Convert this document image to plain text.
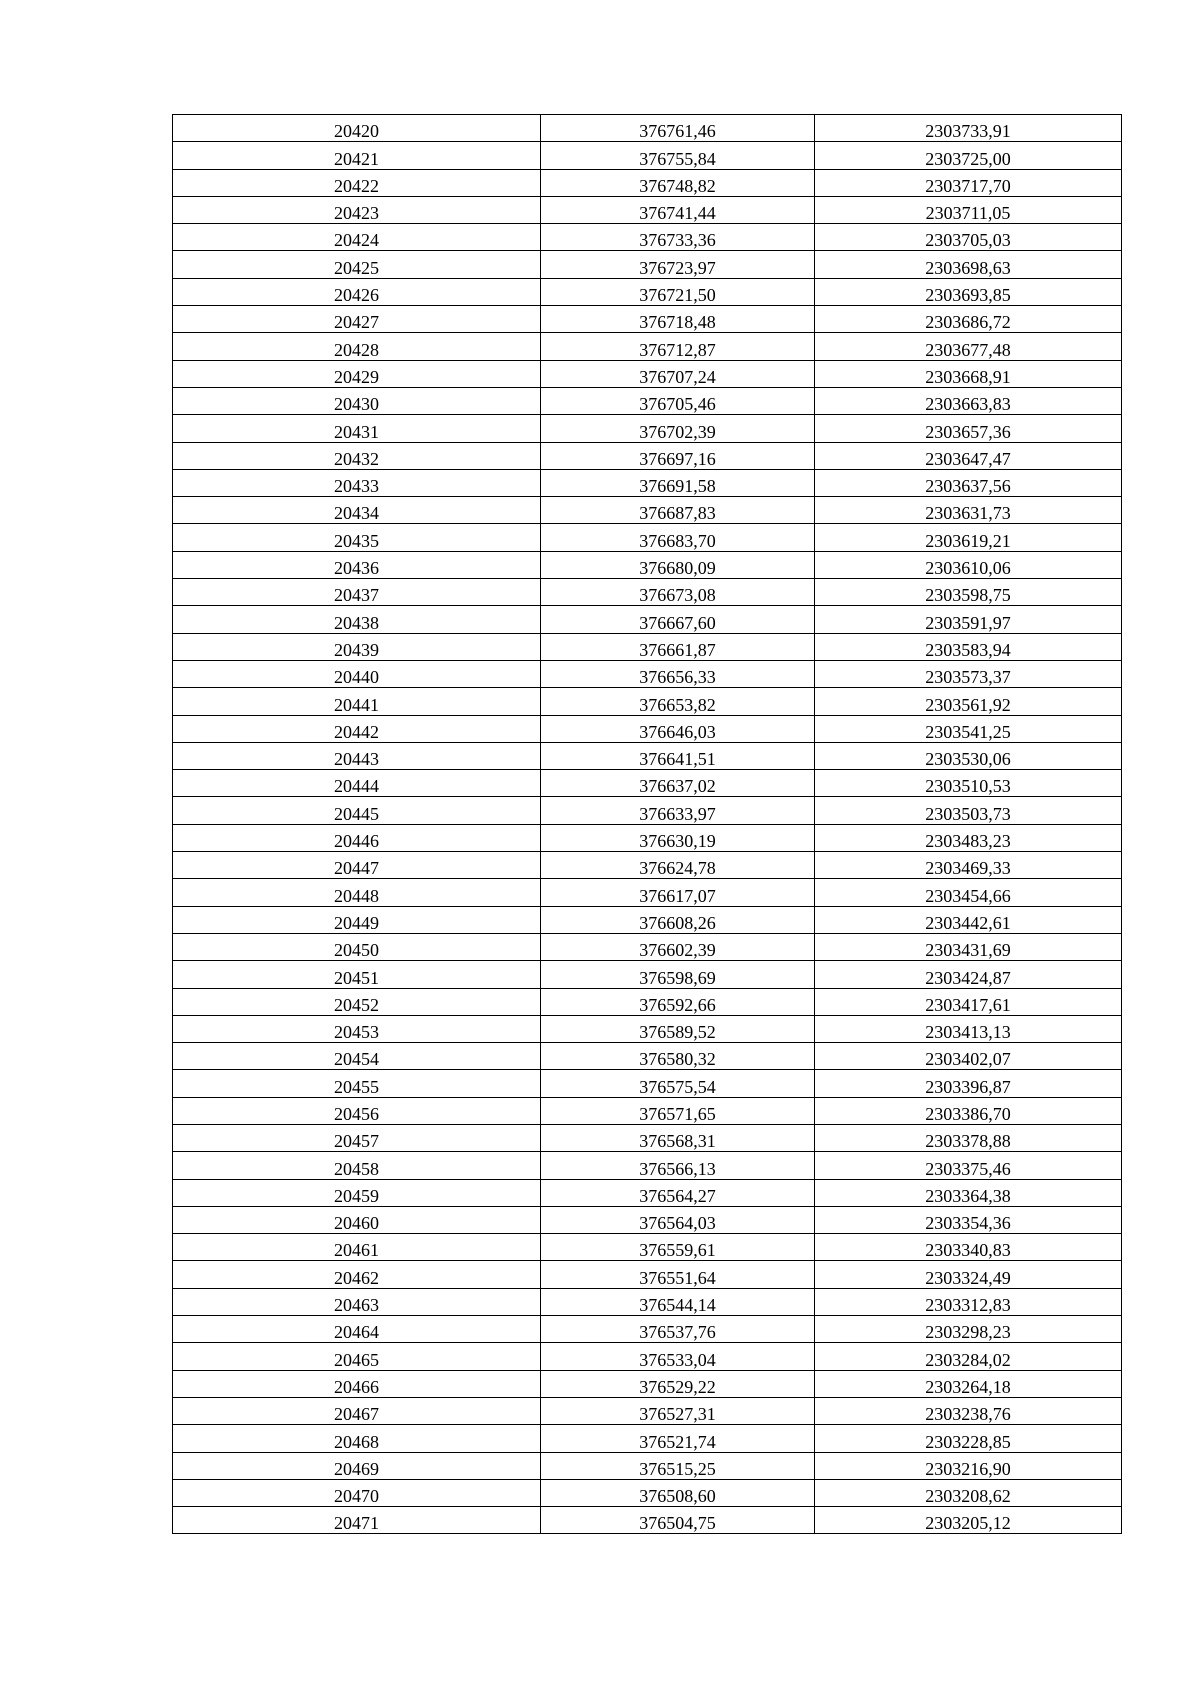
20420	376761,46	2303733,91
20421	376755,84	2303725,00
20422	376748,82	2303717,70
20423	376741,44	2303711,05
20424	376733,36	2303705,03
20425	376723,97	2303698,63
20426	376721,50	2303693,85
20427	376718,48	2303686,72
20428	376712,87	2303677,48
20429	376707,24	2303668,91
20430	376705,46	2303663,83
20431	376702,39	2303657,36
20432	376697,16	2303647,47
20433	376691,58	2303637,56
20434	376687,83	2303631,73
20435	376683,70	2303619,21
20436	376680,09	2303610,06
20437	376673,08	2303598,75
20438	376667,60	2303591,97
20439	376661,87	2303583,94
20440	376656,33	2303573,37
20441	376653,82	2303561,92
20442	376646,03	2303541,25
20443	376641,51	2303530,06
20444	376637,02	2303510,53
20445	376633,97	2303503,73
20446	376630,19	2303483,23
20447	376624,78	2303469,33
20448	376617,07	2303454,66
20449	376608,26	2303442,61
20450	376602,39	2303431,69
20451	376598,69	2303424,87
20452	376592,66	2303417,61
20453	376589,52	2303413,13
20454	376580,32	2303402,07
20455	376575,54	2303396,87
20456	376571,65	2303386,70
20457	376568,31	2303378,88
20458	376566,13	2303375,46
20459	376564,27	2303364,38
20460	376564,03	2303354,36
20461	376559,61	2303340,83
20462	376551,64	2303324,49
20463	376544,14	2303312,83
20464	376537,76	2303298,23
20465	376533,04	2303284,02
20466	376529,22	2303264,18
20467	376527,31	2303238,76
20468	376521,74	2303228,85
20469	376515,25	2303216,90
20470	376508,60	2303208,62
20471	376504,75	2303205,12
